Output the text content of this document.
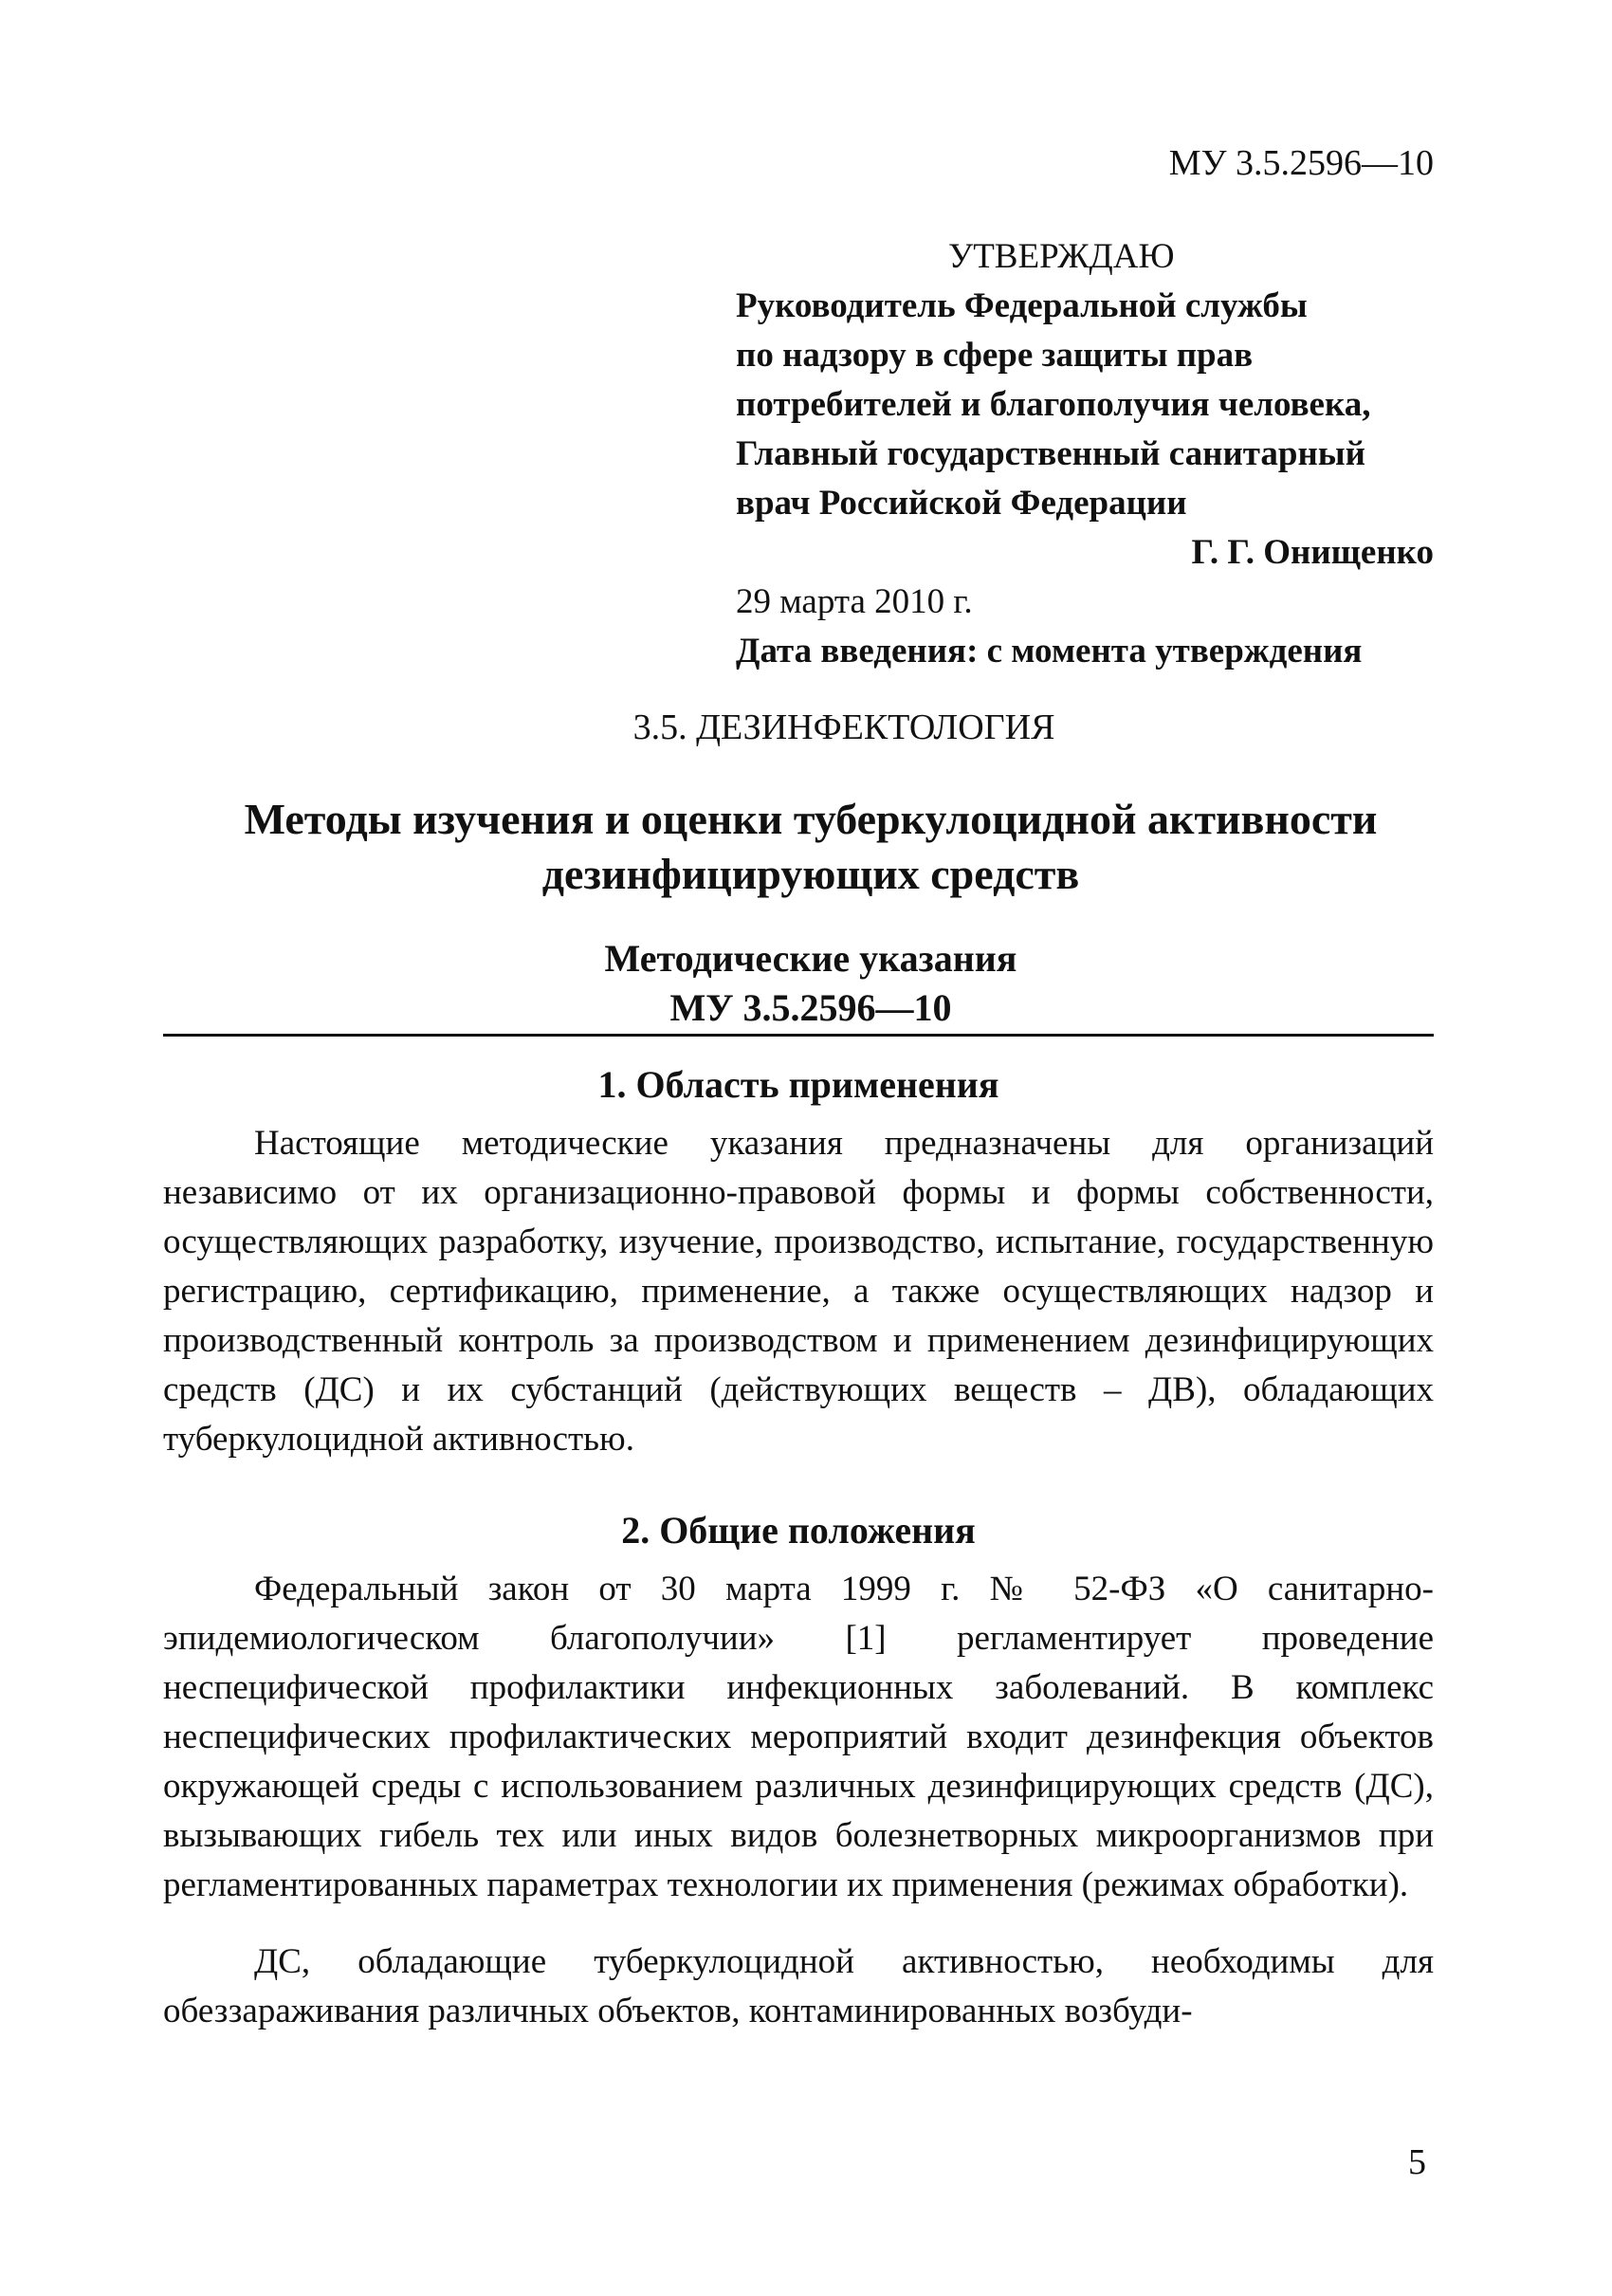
МУ 3.5.2596—10
УТВЕРЖДАЮ
Руководитель Федеральной службы
по надзору в сфере защиты прав
потребителей и благополучия человека,
Главный государственный санитарный
врач Российской Федерации
Г. Г. Онищенко
29 марта 2010 г.
Дата введения: с момента утверждения
3.5. ДЕЗИНФЕКТОЛОГИЯ
Методы изучения и оценки туберкулоцидной активности дезинфицирующих средств
Методические указания
МУ 3.5.2596—10
1. Область применения

Настоящие методические указания предназначены для организаций независимо от их организационно-правовой формы и формы собственности, осуществляющих разработку, изучение, производство, испытание, государственную регистрацию, сертификацию, применение, а также осуществляющих надзор и производственный контроль за производством и применением дезинфицирующих средств (ДС) и их субстанций (действующих веществ – ДВ), обладающих туберкулоцидной активностью.

2. Общие положения

Федеральный закон от 30 марта 1999 г. № 52-ФЗ «О санитарно-эпидемиологическом благополучии» [1] регламентирует проведение неспецифической профилактики инфекционных заболеваний. В комплекс неспецифических профилактических мероприятий входит дезинфекция объектов окружающей среды с использованием различных дезинфицирующих средств (ДС), вызывающих гибель тех или иных видов болезнетворных микроорганизмов при регламентированных параметрах технологии их применения (режимах обработки).

ДС, обладающие туберкулоцидной активностью, необходимы для обеззараживания различных объектов, контаминированных возбуди-

5
